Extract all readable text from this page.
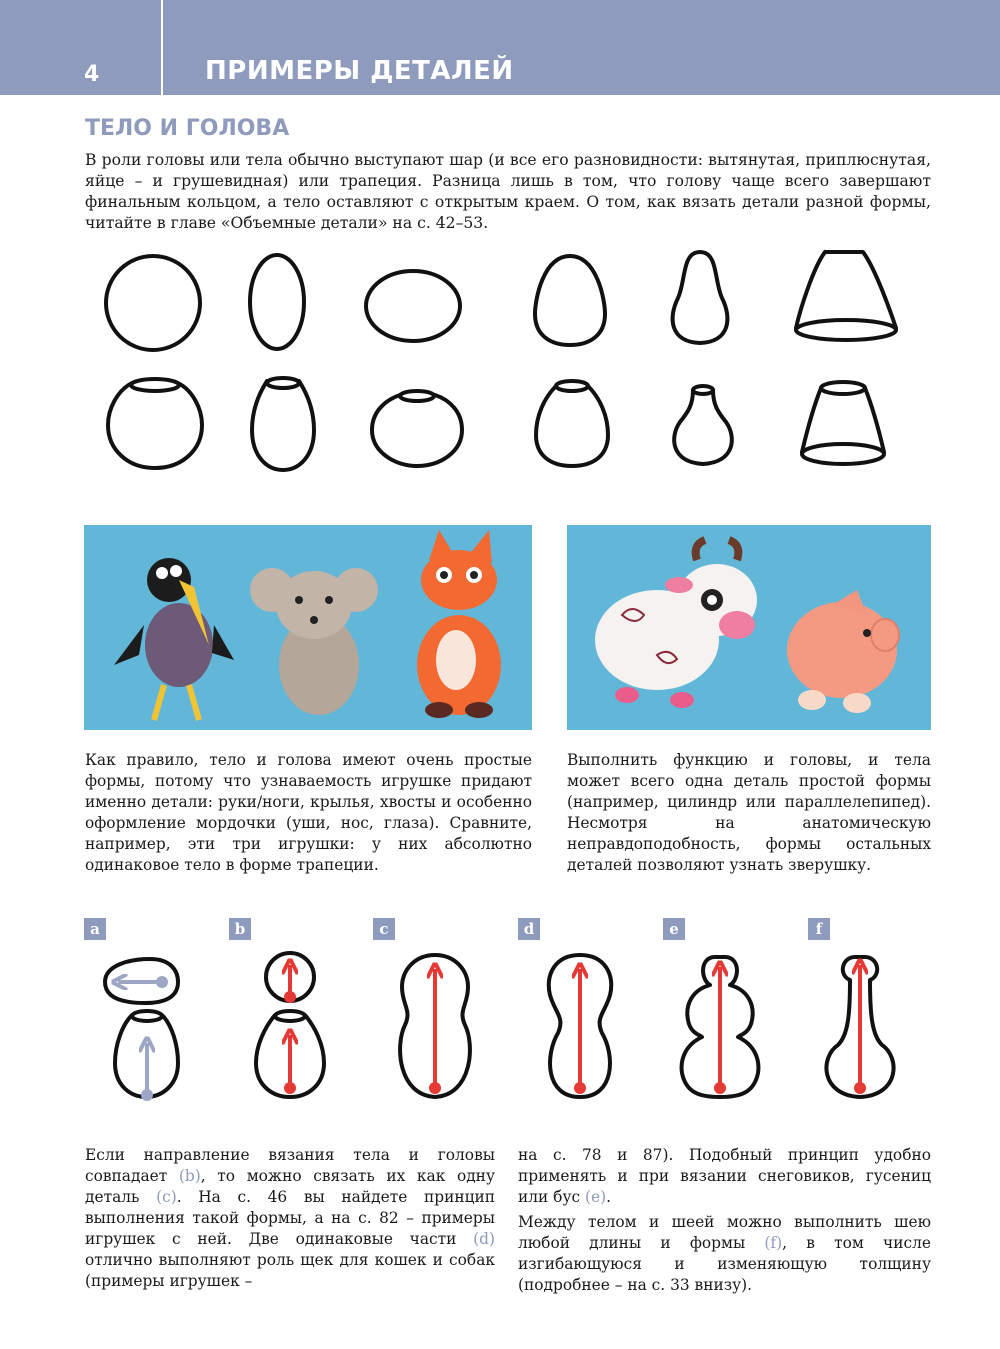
4	ПРИМЕРЫ ДЕТАЛЕЙ
ТЕЛО И ГОЛОВА

В роли головы или тела обычно выступают шар (и все его разновидности: вытянутая, приплюснутая, яйце – и грушевидная) или трапеция. Разница лишь в том, что голову чаще всего завершают финальным кольцом, а тело оставляют с открытым краем. О том, как вязать детали разной формы, читайте в главе «Объемные детали» на с. 42–53.

Как правило, тело и голова имеют очень простые формы, потому что узнаваемость игрушке придают именно детали: руки/ноги, крылья, хвосты и особенно оформление мордочки (уши, нос, глаза). Сравните, например, эти три игрушки: у них абсолютно одинаковое тело в форме трапеции.

Выполнить функцию и головы, и тела может всего одна деталь простой формы (например, цилиндр или параллелепипед). Несмотря на анатомическую неправдоподобность, формы остальных деталей позволяют узнать зверушку.

a	b	c	d	e	f
Если направление вязания тела и головы совпадает (b), то можно связать их как одну деталь (c). На с. 46 вы найдете принцип выполнения такой формы, а на с. 82 – примеры игрушек с ней. Две одинаковые части (d) отлично выполняют роль щек для кошек и собак (примеры игрушек –

на с. 78 и 87). Подобный принцип удобно применять и при вязании снеговиков, гусениц или бус (e).

Между телом и шеей можно выполнить шею любой длины и формы (f), в том числе изгибающуюся и изменяющую толщину (подробнее – на с. 33 внизу).
